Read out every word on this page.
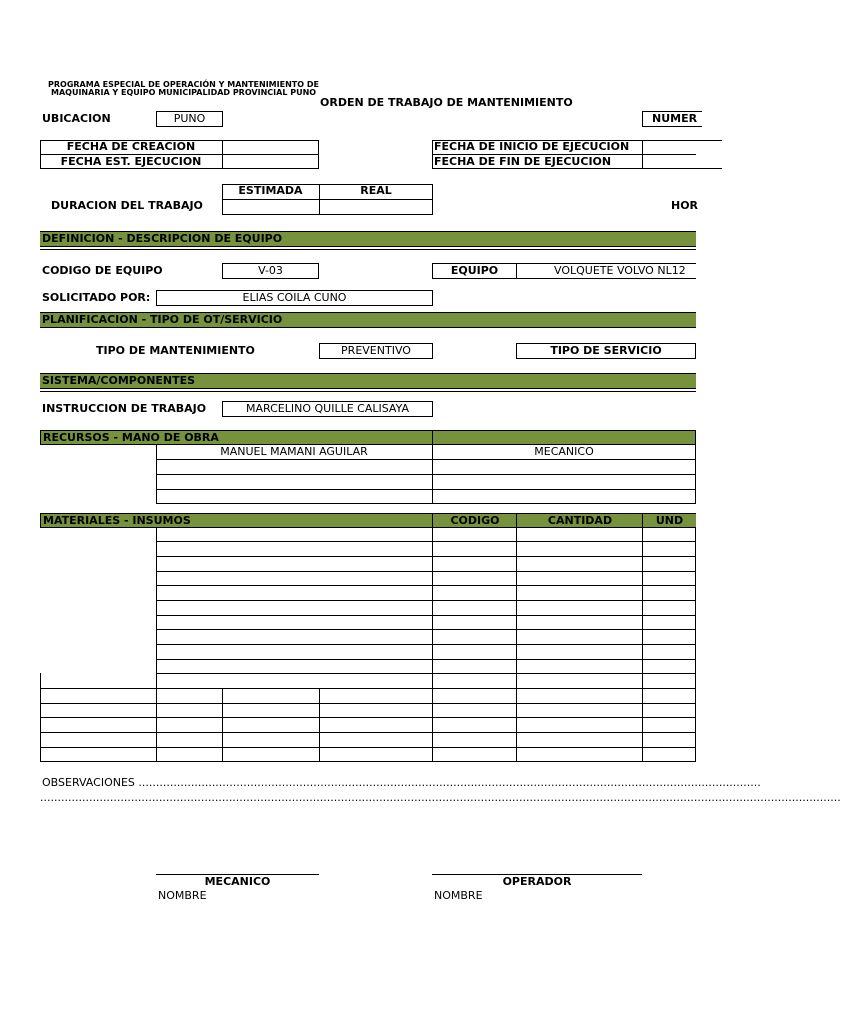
PROGRAMA ESPECIAL DE OPERACIÓN Y MANTENIMIENTO DE
MAQUINARIA Y EQUIPO MUNICIPALIDAD PROVINCIAL PUNO
ORDEN DE TRABAJO DE MANTENIMIENTO
UBICACION	PUNO	NUMER
FECHA DE CREACION
FECHA EST. EJECUCION
FECHA DE INICIO DE EJECUCION
FECHA DE FIN DE EJECUCION
ESTIMADA	REAL
DURACION DEL TRABAJO	HOR
DEFINICION - DESCRIPCION DE EQUIPO
CODIGO DE EQUIPO	V-03	EQUIPO	VOLQUETE VOLVO NL12
SOLICITADO POR:	ELIAS COILA CUNO
PLANIFICACION - TIPO DE OT/SERVICIO
TIPO DE MANTENIMIENTO	PREVENTIVO	TIPO DE SERVICIO
SISTEMA/COMPONENTES
INSTRUCCION DE TRABAJO	MARCELINO QUILLE CALISAYA
RECURSOS - MANO DE OBRA
MANUEL MAMANI AGUILAR	MECANICO
MATERIALES - INSUMOS	CODIGO	CANTIDAD	UND
OBSERVACIONES ..................................................................................................................................................................................
.....................................................................................................................................................................................................................................
MECANICO
NOMBRE
OPERADOR
NOMBRE
